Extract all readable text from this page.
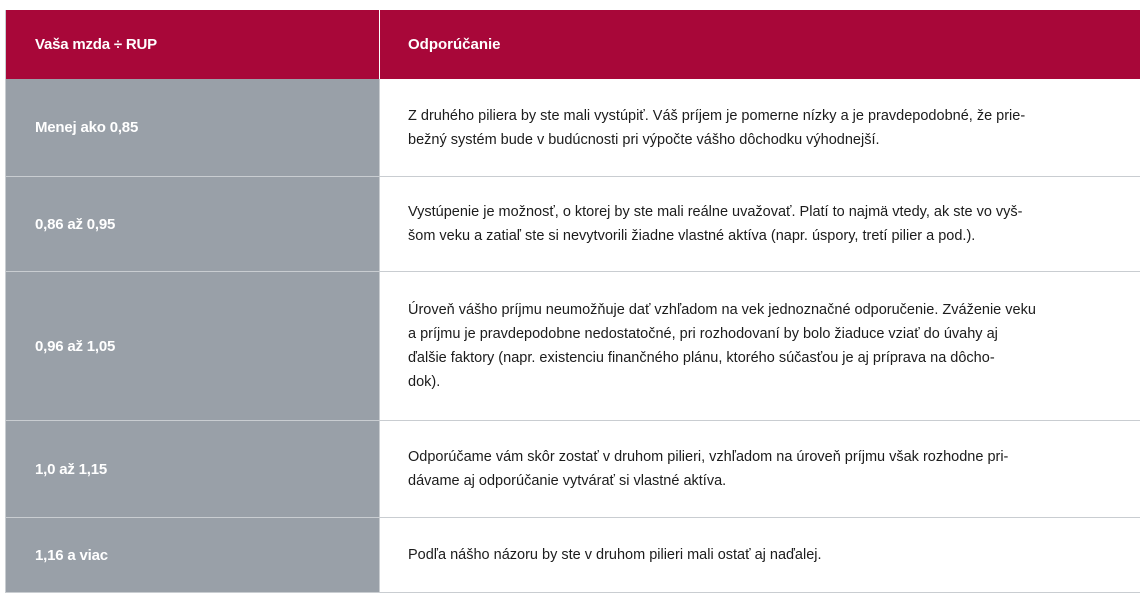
Vaša mzda ÷ RUP	Odporúčanie
Menej ako 0,85
Z druhého piliera by ste mali vystúpiť. Váš príjem je pomerne nízky a je pravdepodobné, že prie-
bežný systém bude v budúcnosti pri výpočte vášho dôchodku výhodnejší.
0,86 až 0,95
Vystúpenie je možnosť, o ktorej by ste mali reálne uvažovať. Platí to najmä vtedy, ak ste vo vyš-
šom veku a zatiaľ ste si nevytvorili žiadne vlastné aktíva (napr. úspory, tretí pilier a pod.).
0,96 až 1,05
Úroveň vášho príjmu neumožňuje dať vzhľadom na vek jednoznačné odporučenie. Zváženie veku
a príjmu je pravdepodobne nedostatočné, pri rozhodovaní by bolo žiaduce vziať do úvahy aj
ďalšie faktory (napr. existenciu finančného plánu, ktorého súčasťou je aj príprava na dôcho-
dok).
1,0 až 1,15
Odporúčame vám skôr zostať v druhom pilieri, vzhľadom na úroveň príjmu však rozhodne pri-
dávame aj odporúčanie vytvárať si vlastné aktíva.
1,16 a viac	Podľa nášho názoru by ste v druhom pilieri mali ostať aj naďalej.
